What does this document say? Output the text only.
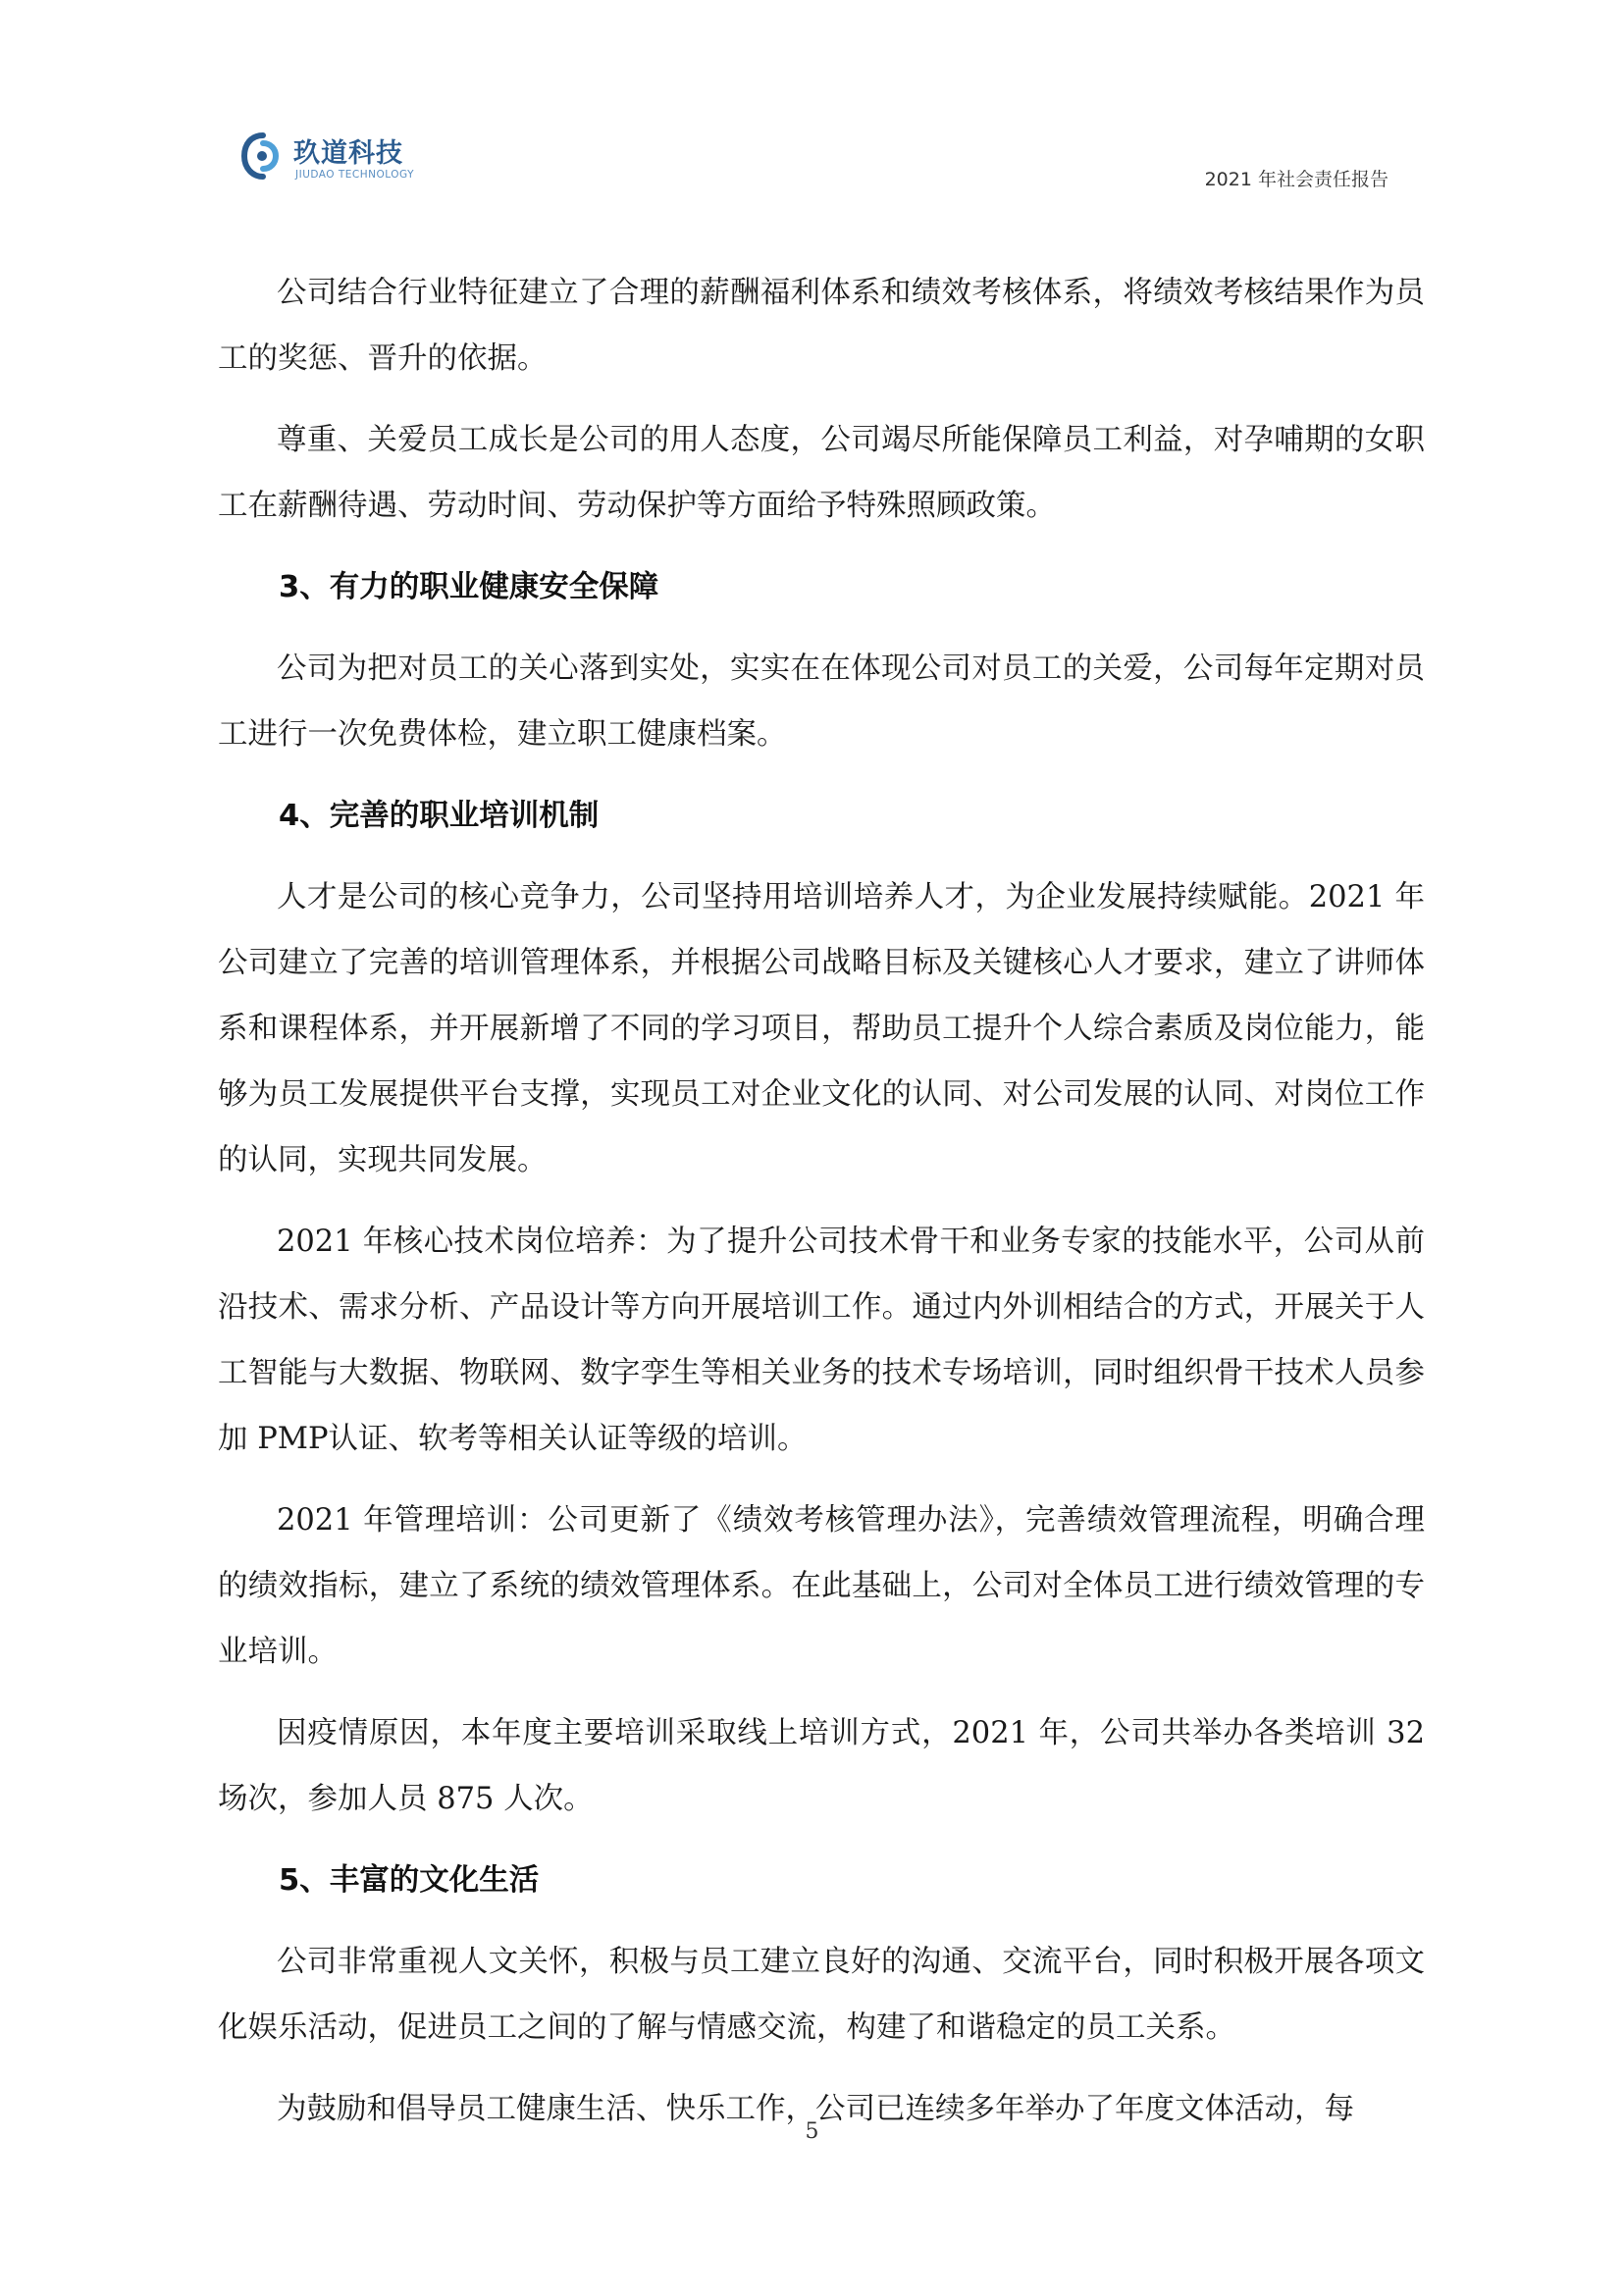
玖道科技
JIUDAO TECHNOLOGY	2021 年社会责任报告

公司结合行业特征建立了合理的薪酬福利体系和绩效考核体系，将绩效考核结果作为员工的奖惩、晋升的依据。

尊重、关爱员工成长是公司的用人态度，公司竭尽所能保障员工利益，对孕哺期的女职工在薪酬待遇、劳动时间、劳动保护等方面给予特殊照顾政策。

3、有力的职业健康安全保障

公司为把对员工的关心落到实处，实实在在体现公司对员工的关爱，公司每年定期对员工进行一次免费体检，建立职工健康档案。

4、完善的职业培训机制

人才是公司的核心竞争力，公司坚持用培训培养人才，为企业发展持续赋能。2021 年公司建立了完善的培训管理体系，并根据公司战略目标及关键核心人才要求，建立了讲师体系和课程体系，并开展新增了不同的学习项目，帮助员工提升个人综合素质及岗位能力，能够为员工发展提供平台支撑，实现员工对企业文化的认同、对公司发展的认同、对岗位工作的认同，实现共同发展。

2021 年核心技术岗位培养：为了提升公司技术骨干和业务专家的技能水平，公司从前沿技术、需求分析、产品设计等方向开展培训工作。通过内外训相结合的方式，开展关于人工智能与大数据、物联网、数字孪生等相关业务的技术专场培训，同时组织骨干技术人员参加 PMP认证、软考等相关认证等级的培训。

2021 年管理培训：公司更新了《绩效考核管理办法》，完善绩效管理流程，明确合理的绩效指标，建立了系统的绩效管理体系。在此基础上，公司对全体员工进行绩效管理的专业培训。

因疫情原因，本年度主要培训采取线上培训方式，2021 年，公司共举办各类培训 32 场次，参加人员 875 人次。

5、丰富的文化生活

公司非常重视人文关怀，积极与员工建立良好的沟通、交流平台，同时积极开展各项文化娱乐活动，促进员工之间的了解与情感交流，构建了和谐稳定的员工关系。

为鼓励和倡导员工健康生活、快乐工作，公司已连续多年举办了年度文体活动，每

5
